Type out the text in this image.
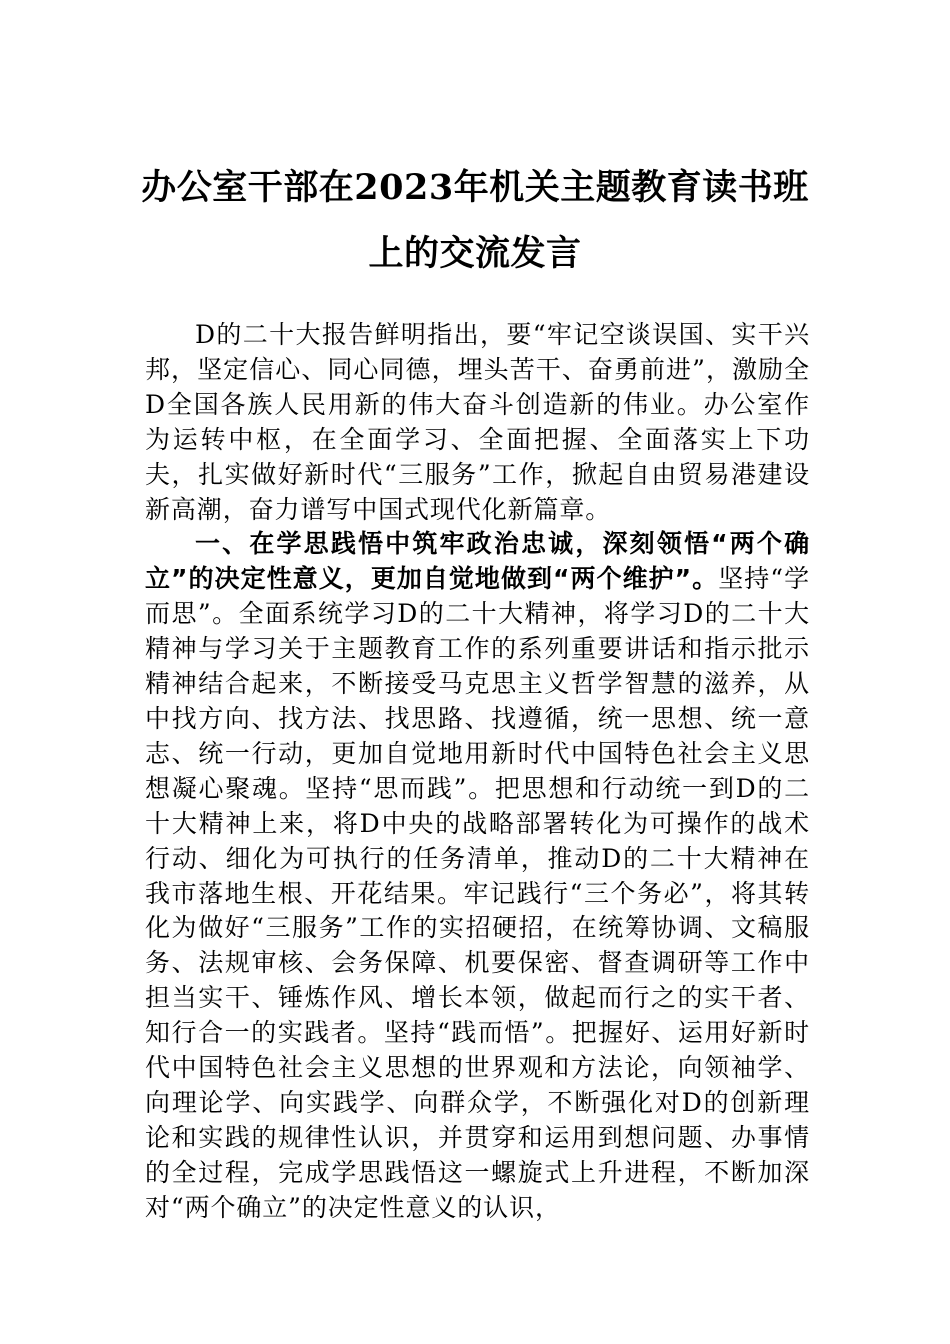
办公室干部在2023年机关主题教育读书班
上的交流发言

D的二十大报告鲜明指出，要“牢记空谈误国、实干兴邦，坚定信心、同心同德，埋头苦干、奋勇前进”，激励全D全国各族人民用新的伟大奋斗创造新的伟业。办公室作为运转中枢，在全面学习、全面把握、全面落实上下功夫，扎实做好新时代“三服务”工作，掀起自由贸易港建设新高潮，奋力谱写中国式现代化新篇章。

一、在学思践悟中筑牢政治忠诚，深刻领悟“两个确立”的决定性意义，更加自觉地做到“两个维护”。坚持“学而思”。全面系统学习D的二十大精神，将学习D的二十大精神与学习关于主题教育工作的系列重要讲话和指示批示精神结合起来，不断接受马克思主义哲学智慧的滋养，从中找方向、找方法、找思路、找遵循，统一思想、统一意志、统一行动，更加自觉地用新时代中国特色社会主义思想凝心聚魂。坚持“思而践”。把思想和行动统一到D的二十大精神上来，将D中央的战略部署转化为可操作的战术行动、细化为可执行的任务清单，推动D的二十大精神在我市落地生根、开花结果。牢记践行“三个务必”，将其转化为做好“三服务”工作的实招硬招，在统筹协调、文稿服务、法规审核、会务保障、机要保密、督查调研等工作中担当实干、锤炼作风、增长本领，做起而行之的实干者、知行合一的实践者。坚持“践而悟”。把握好、运用好新时代中国特色社会主义思想的世界观和方法论，向领袖学、向理论学、向实践学、向群众学，不断强化对D的创新理论和实践的规律性认识，并贯穿和运用到想问题、办事情的全过程，完成学思践悟这一螺旋式上升进程，不断加深对“两个确立”的决定性意义的认识，
